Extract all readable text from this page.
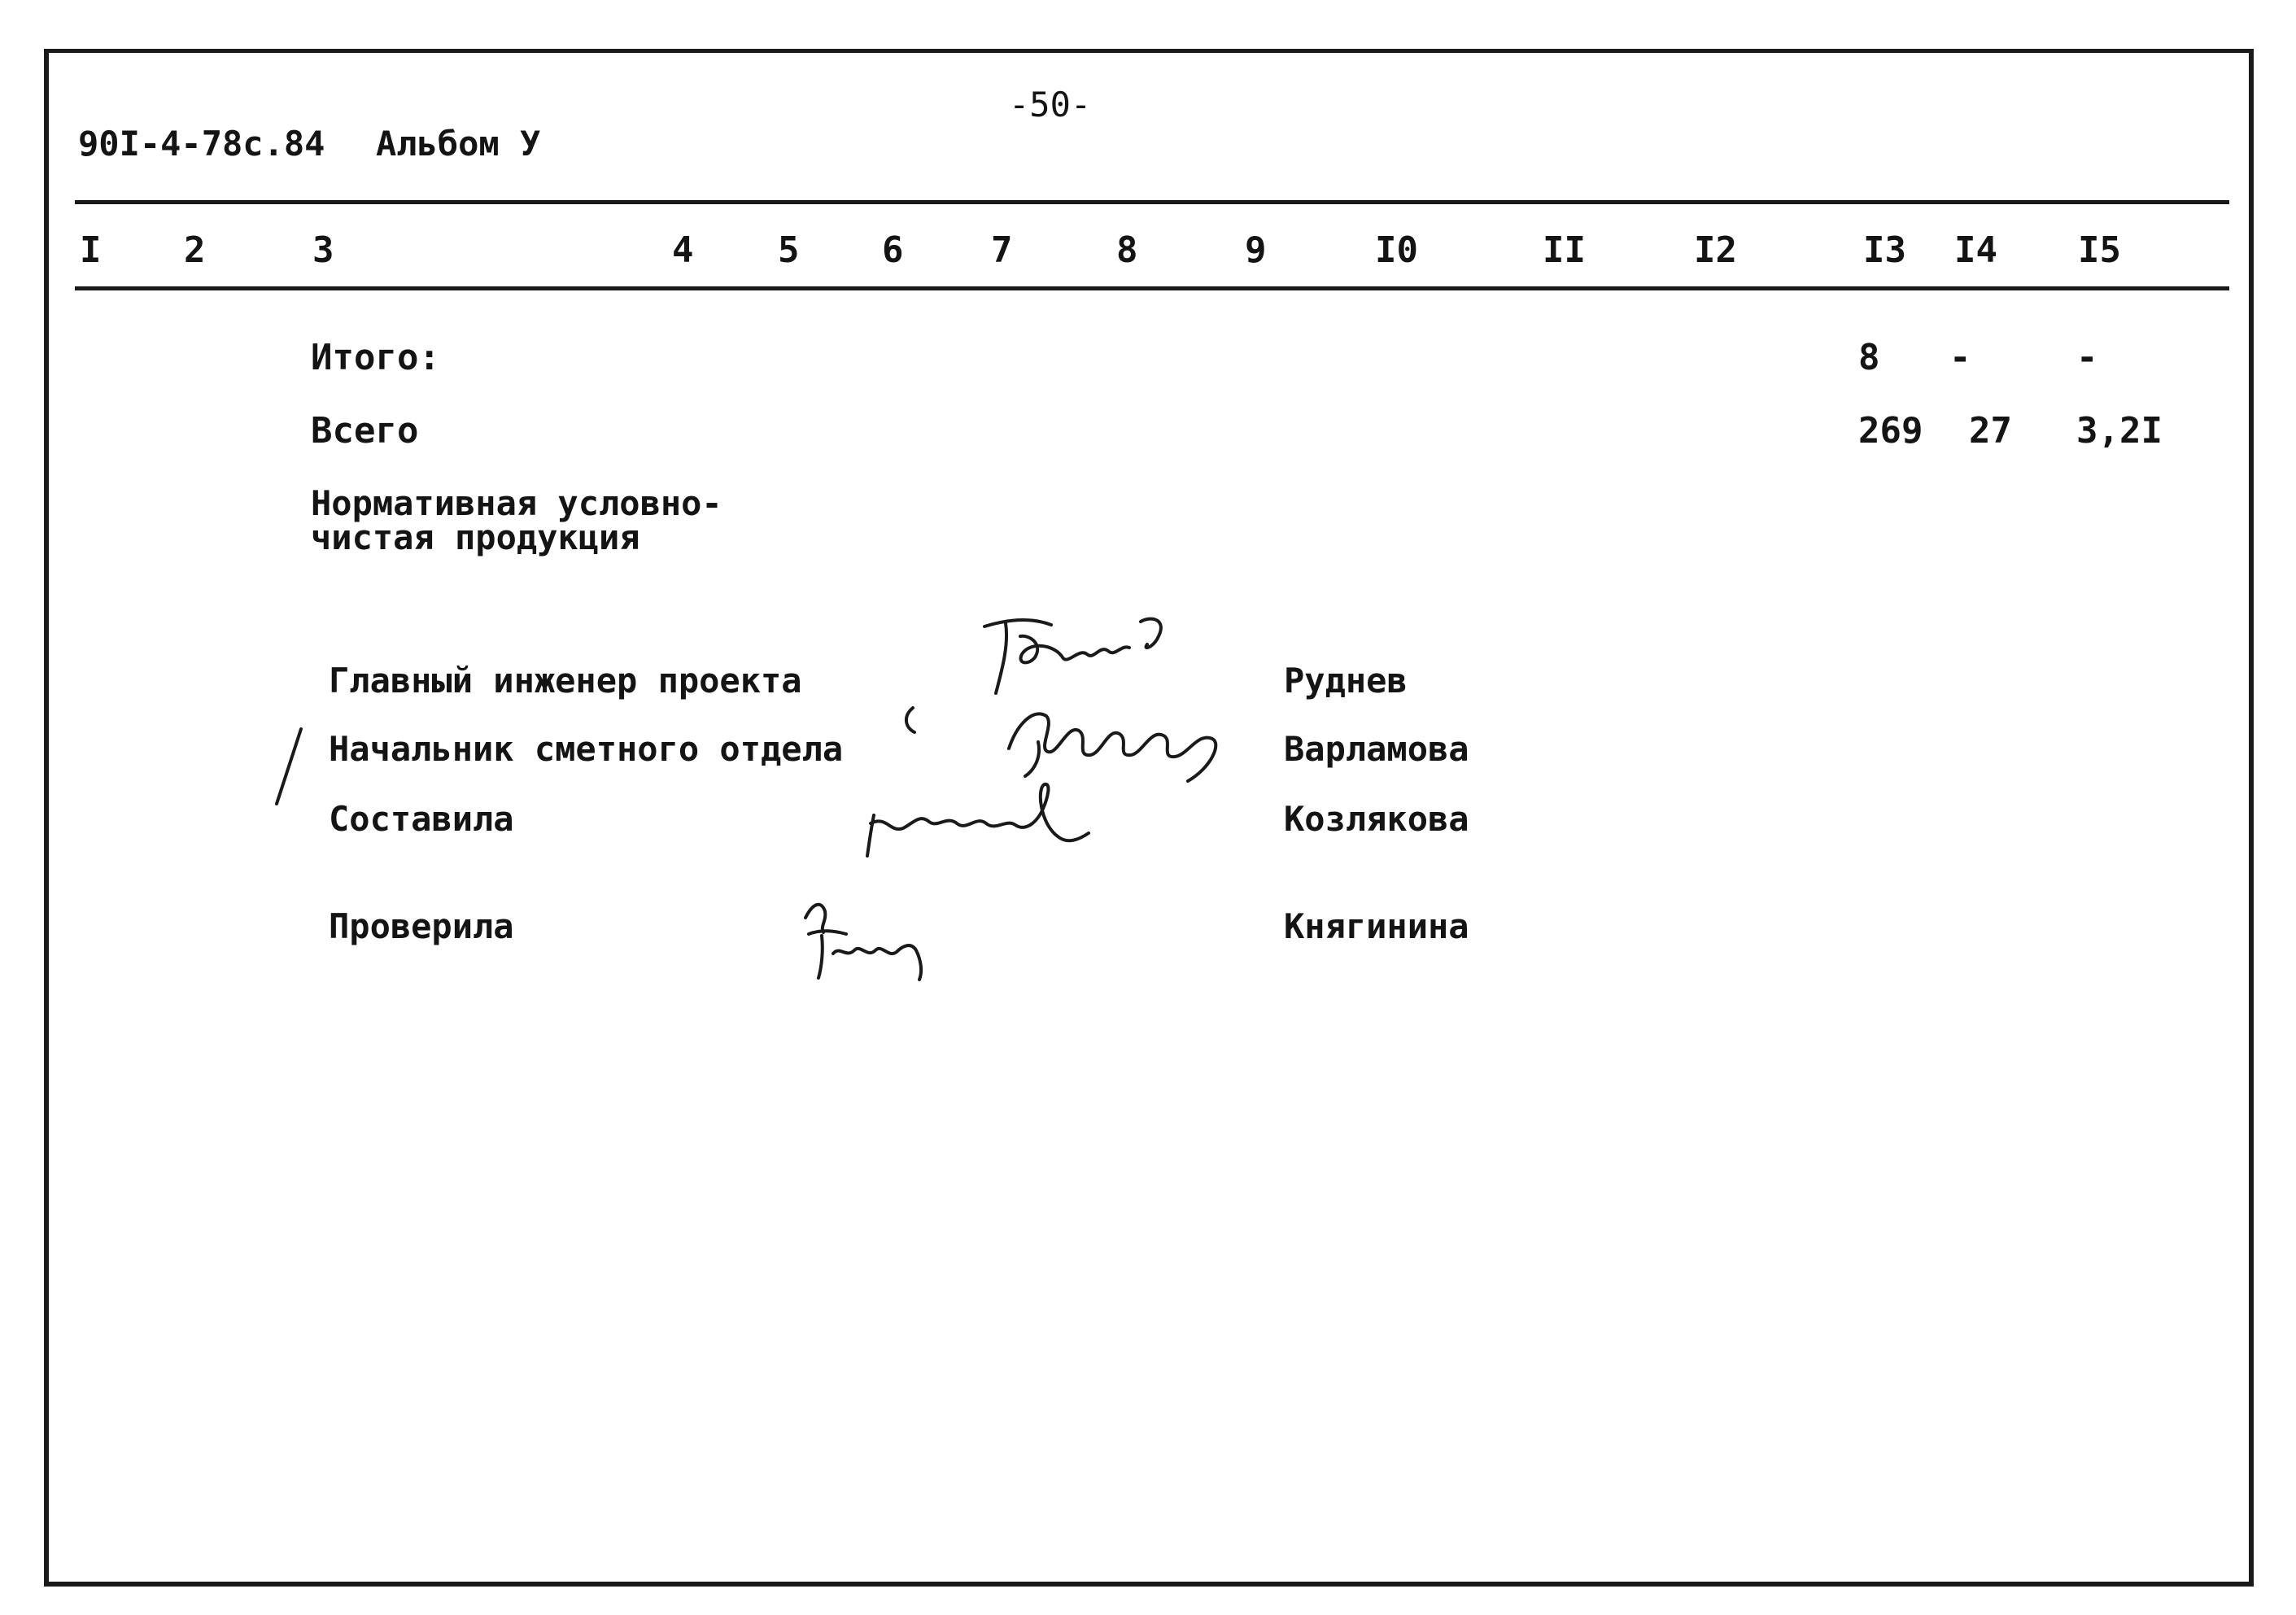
90I-4-78c.84 Альбом У
-50-
I 2	3	4 5 6 7	8	9	I0	II	I2	I3 I4 I5
Итого:	8 -	-
Всего	269 27 3,2I
Нормативная условно-
чистая продукция
Главный инженер проекта	Руднев
Начальник сметного отдела	Варламова
Составила	Козлякова
Проверила	Княгинина
